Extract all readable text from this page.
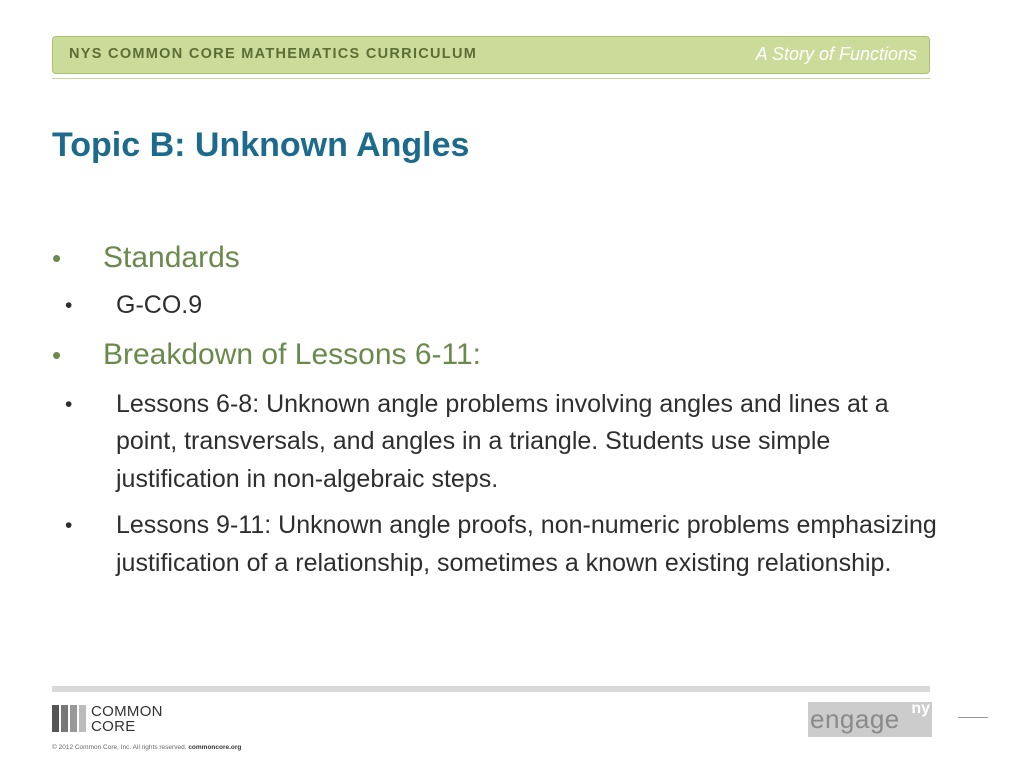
NYS COMMON CORE MATHEMATICS CURRICULUM	A Story of Functions
Topic B: Unknown Angles
• Standards
• G-CO.9
• Breakdown of Lessons 6-11:
• Lessons 6-8: Unknown angle problems involving angles and lines at a point, transversals, and angles in a triangle. Students use simple justification in non-algebraic steps.
• Lessons 9-11: Unknown angle proofs, non-numeric problems emphasizing justification of a relationship, sometimes a known existing relationship.
COMMON
CORE
© 2012 Common Core, Inc. All rights reserved. commoncore.org
engage ny
